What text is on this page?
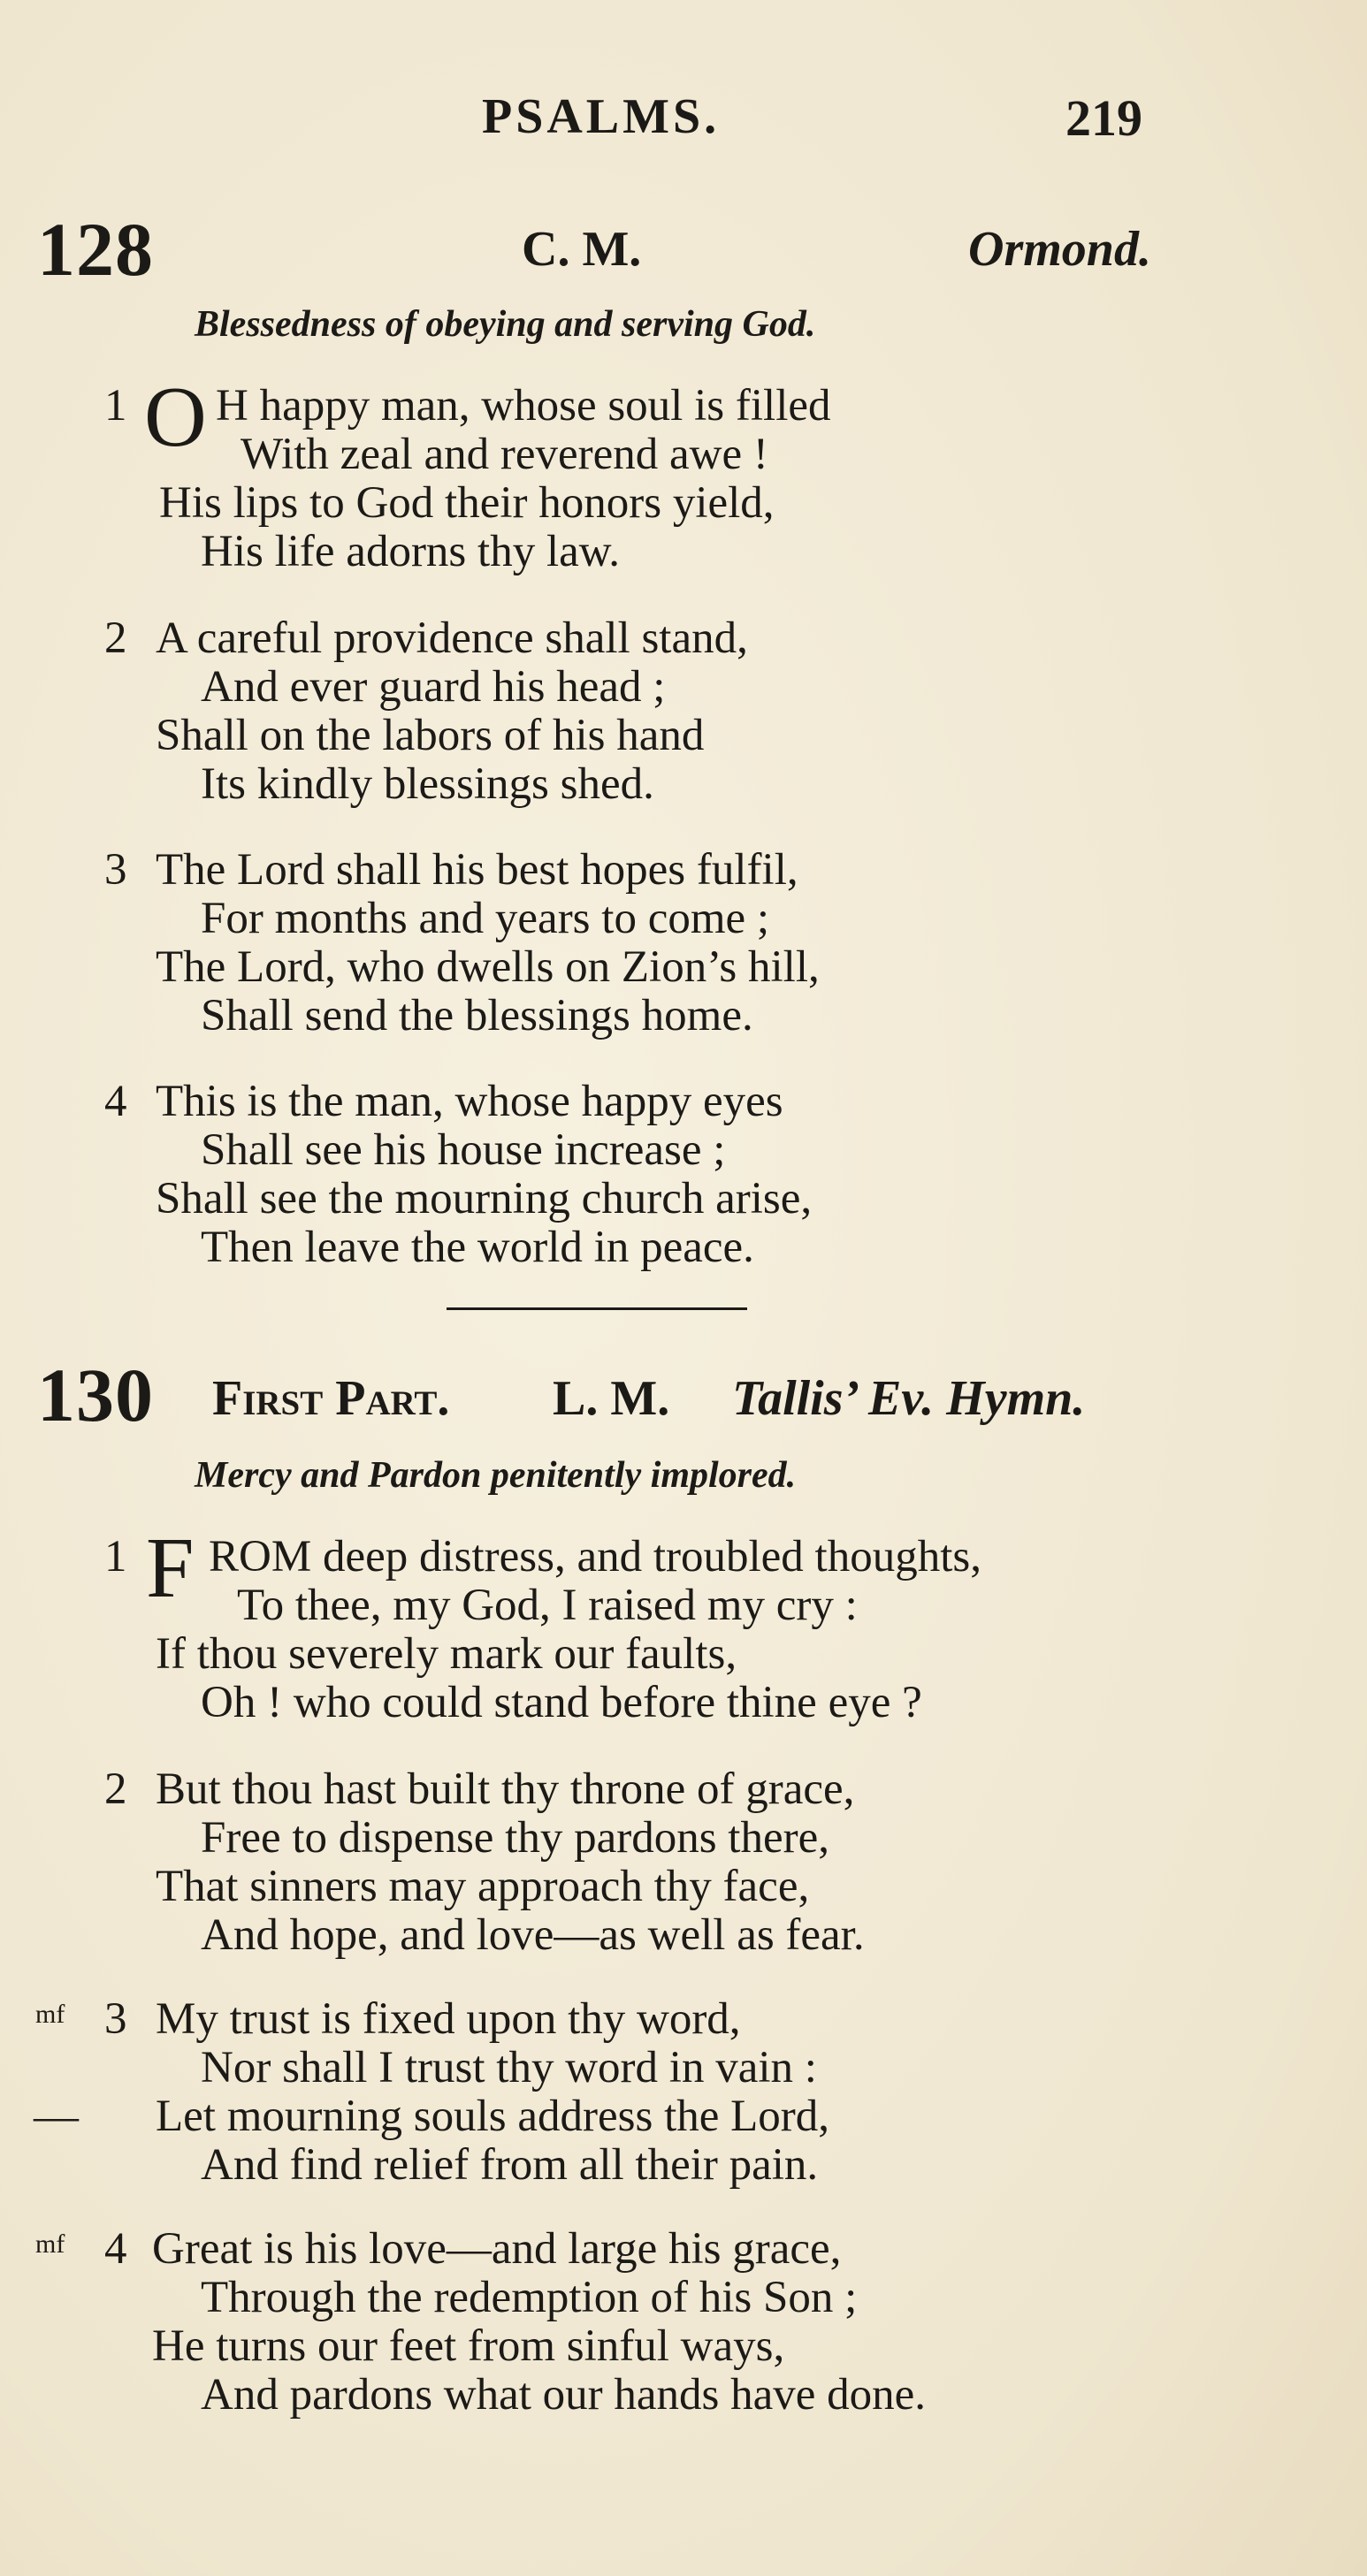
PSALMS.	219
128	C. M.	Ormond.
Blessedness of obeying and serving God.
1 O H happy man, whose soul is filled
With zeal and reverend awe !
His lips to God their honors yield,
His life adorns thy law.
2 A careful providence shall stand,
And ever guard his head ;
Shall on the labors of his hand
Its kindly blessings shed.
3 The Lord shall his best hopes fulfil,
For months and years to come ;
The Lord, who dwells on Zion’s hill,
Shall send the blessings home.
4 This is the man, whose happy eyes
Shall see his house increase ;
Shall see the mourning church arise,
Then leave the world in peace.
130 First Part. L. M. Tallis’ Ev. Hymn.
Mercy and Pardon penitently implored.
1 F ROM deep distress, and troubled thoughts,
To thee, my God, I raised my cry :
If thou severely mark our faults,
Oh ! who could stand before thine eye ?
2 But thou hast built thy throne of grace,
Free to dispense thy pardons there,
That sinners may approach thy face,
And hope, and love—as well as fear.
mf 3 My trust is fixed upon thy word,
Nor shall I trust thy word in vain :
— Let mourning souls address the Lord,
And find relief from all their pain.
mf 4 Great is his love—and large his grace,
Through the redemption of his Son ;
He turns our feet from sinful ways,
And pardons what our hands have done.
